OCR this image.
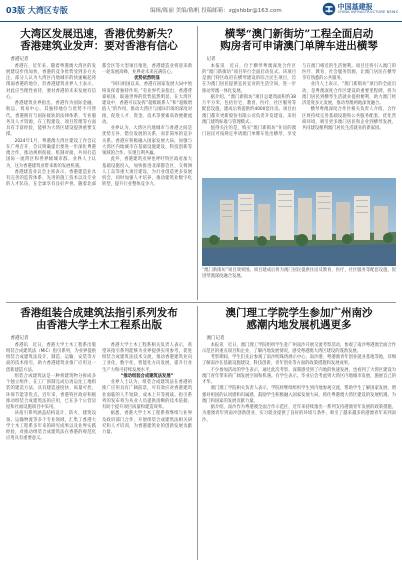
03版 大湾区专版	编辑/陈丽 美编/陈帆 投稿邮箱：zgjshbbr@163.com
中国基建报
CHINA INFRASTRUCTURE NEWS
大湾区发展迅速，香港优势新失？
香港建筑业发声：要对香港有信心
　香港记者　

香港在、近年来，随着粤港澳大湾区的发展建设步伐加快，香港的竞争优势受到多方关注。部分人认为大湾区内地城市的快速崛起将削弱香港的地位，但香港建筑业界人士表示，对此应当理性看待，要对香港的未来发展有信心。

香港建筑业界指出，香港作为国际金融、航运、贸易中心，其独特地位与优势不可替代。香港拥有与国际接轨的法律体系、专业服务及人才资源，在工程建设、项目管理等方面具有丰富经验，能够为大湾区建设提供重要支撑。

2024年1月，粤港澳大湾区建设工作会议在广州召开，会议明确提出要进一步深化粤港澳合作，推动规则衔接、机制对接，共同打造国际一流湾区和世界级城市群。业界人士认为，这为香港建筑业带来新的发展机遇。

香港建造业议会主席表示，香港建造业具有完善的监管体系、先进的施工技术以及专业的人才队伍，在全球享有良好声誉。随着北部都会区等大型项目推进，香港建造业将迎来新一轮发展高峰，业界对未来充满信心。

优势依然明显

“回归祖国以来，香港在国家发展大局中始终发挥着独特作用，”有业界代表指出，香港背靠祖国、联通世界的优势依然明显。在大湾区建设中，香港可以发挥“超级联系人”和“超级增值人”的作用，推动大湾区与国际市场的深度对接，促进人才、资金、技术等要素高效便捷流动。

业界认为，大湾区内地城市与香港之间是优势互补、错位发展的关系，而非简单的竞争关系。香港应积极融入国家发展大局，加强与大湾区内地城市在基础设施建设、科技创新等领域的合作，实现互利共赢。

此外，香港建筑业界也呼吁特区政府加大基础设施投入，加快推进北部都会区、交椅洲人工岛等重大项目建设，为行业创造更多发展机会，同时加强人才培养，推动建筑业数字化转型，提升行业整体竞争力。

横琴“澳门新街坊”工程全面启动
购房者可申请澳门单牌车进出横琴
　记者　

本报讯　近日，位于横琴粤澳深度合作区的“澳门新街坊”项目举行全面启动仪式。该项目是澳门特区政府在横琴建设的综合民生项目，旨在为澳门居民提供宜居宜业的生活空间，进一步推动琴澳一体化发展。

据介绍，“澳门新街坊”项目总建筑面积约38万平方米，包括住宅、教育、医疗、社区服务等配套设施，建成后将提供约4000套住房。项目由澳门都市更新股份有限公司负责开发建设，采用澳门建筑标准与管理模式。

值得关注的是，购买“澳门新街坊”住房的澳门居民可按规定申请澳门单牌车进出横琴，享受与在澳门相近的生活便利。项目还将引入澳门的医疗、教育、社会服务资源，让澳门居民在横琴享有熟悉的公共服务。

业内人士表示，“澳门新街坊”项目的全面启动，是粤澳深度合作区建设的重要里程碑，将为澳门居民到横琴生活就业提供便利，助力澳门经济适度多元发展，推动琴澳两地深度融合。

横琴粤澳深度合作区相关负责人介绍，合作区将持续完善基础设施和公共服务配套，优化营商环境，吸引更多澳门居民和企业到横琴发展，共同建设便利澳门居民生活就业的新家园。

“澳门新街坊”项目效果图。项目建成后将为澳门居民提供住房及教育、医疗、社区服务等配套设施，促进琴澳深度融合发展。
香港组装合成建筑法指引系列发布
由香港大学土木工程系出版
　香港记者　

香港讯　近日，香港大学土木工程系出版组装合成建筑法（MiC）指引系列，为业界提供组装合成建筑法设计、制造、运输、安装等方面的技术指引，助力香港建筑业推广应用这一创新建造方法。

组装合成建筑法是一种将建筑物分拆成多个独立组件，在工厂预制完成后再运往工地组装的建造方法，具有建造速度快、质量可控、环保节能等优点。近年来，香港特区政府积极推动组装合成建筑法的应用，已在多个公营房屋和社福设施项目中采用。

该指引系列涵盖结构设计、防火、建筑设备、运输物流等多个专业领域，汇集了香港大学土木工程系多年来的研究成果以及业界实践经验，对推动组装合成建筑法在香港的规范化应用具有重要意义。

香港大学土木工程系相关负责人表示，希望该指引系列能够为业界提供实用参考，促进组装合成建筑法技术交流，推动香港建筑业向工业化、数字化、智能化方向发展，提升行业生产力和可持续发展水平。

“推动组装合成建筑法发展”

业界人士认为，组装合成建筑法在香港的推广应用具有广阔前景，可有效应对香港建筑业面临的人手短缺、成本上升等挑战。指引系列的发布将为从业人员提供清晰的技术依据，有助于提升项目质量和建造效率。

据悉，香港大学土木工程系将继续与业界及政府部门合作，开展组装合成建筑法相关研究和人才培训，为香港建筑业的创新发展贡献力量。

澳门理工学院学生参加广州南沙
感潮内地发展机遇更多
　澳门记者　

本报讯　近日，澳门理工学院组织学生赴广州南沙开展交流考察活动，参观了南沙粤港澳全面合作示范区的重点项目和企业，了解内地发展情况，感受粤港澳大湾区建设的蓬勃发展。

考察期间，学生们先后参观了南沙明珠湾展示中心、南沙港、粤港澳青年创业就业基地等地，详细了解南沙在基础设施建设、科技创新、青年创业等方面的政策措施和发展成果。

不少参加活动的学生表示，通过此次考察，深刻感受到了内地的快速发展，也看到了大湾区建设为澳门青年带来的广阔发展空间和机遇。有学生表示，毕业后会考虑到大湾区内地城市发展，施展自己的才华。

澳门理工学院相关负责人表示，学院将继续组织学生到内地参观交流，帮助学生了解国家发展，增强对祖国的认同感和归属感，鼓励学生积极融入国家发展大局，抓住粤港澳大湾区建设的发展机遇，为澳门和国家的发展贡献力量。

据介绍，南沙作为粤港澳全面合作示范区，近年来持续推出一系列支持港澳青年发展的政策措施，为港澳青年到南沙创新创业、实习就业提供了良好的环境与条件，吸引了越来越多的港澳青年来到南沙。
